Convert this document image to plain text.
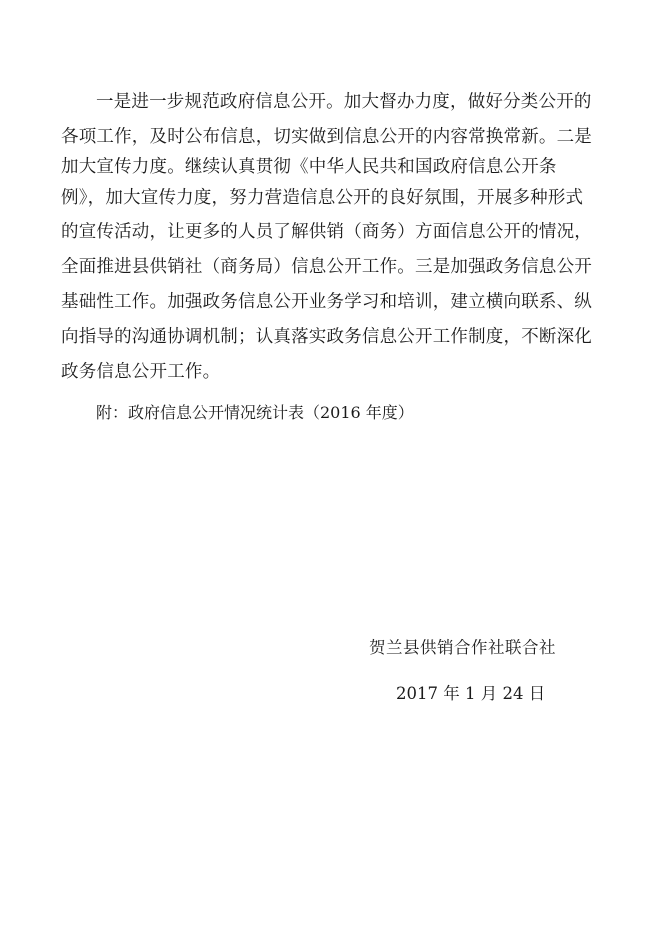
一是进一步规范政府信息公开。加大督办力度，做好分类公开的
各项工作，及时公布信息，切实做到信息公开的内容常换常新。二是
加大宣传力度。继续认真贯彻《中华人民共和国政府信息公开条
例》，加大宣传力度，努力营造信息公开的良好氛围，开展多种形式
的宣传活动，让更多的人员了解供销（商务）方面信息公开的情况，
全面推进县供销社（商务局）信息公开工作。三是加强政务信息公开
基础性工作。加强政务信息公开业务学习和培训，建立横向联系、纵
向指导的沟通协调机制；认真落实政务信息公开工作制度，不断深化
政务信息公开工作。
附：政府信息公开情况统计表（2016 年度）
贺兰县供销合作社联合社
2017 年 1 月 24 日
